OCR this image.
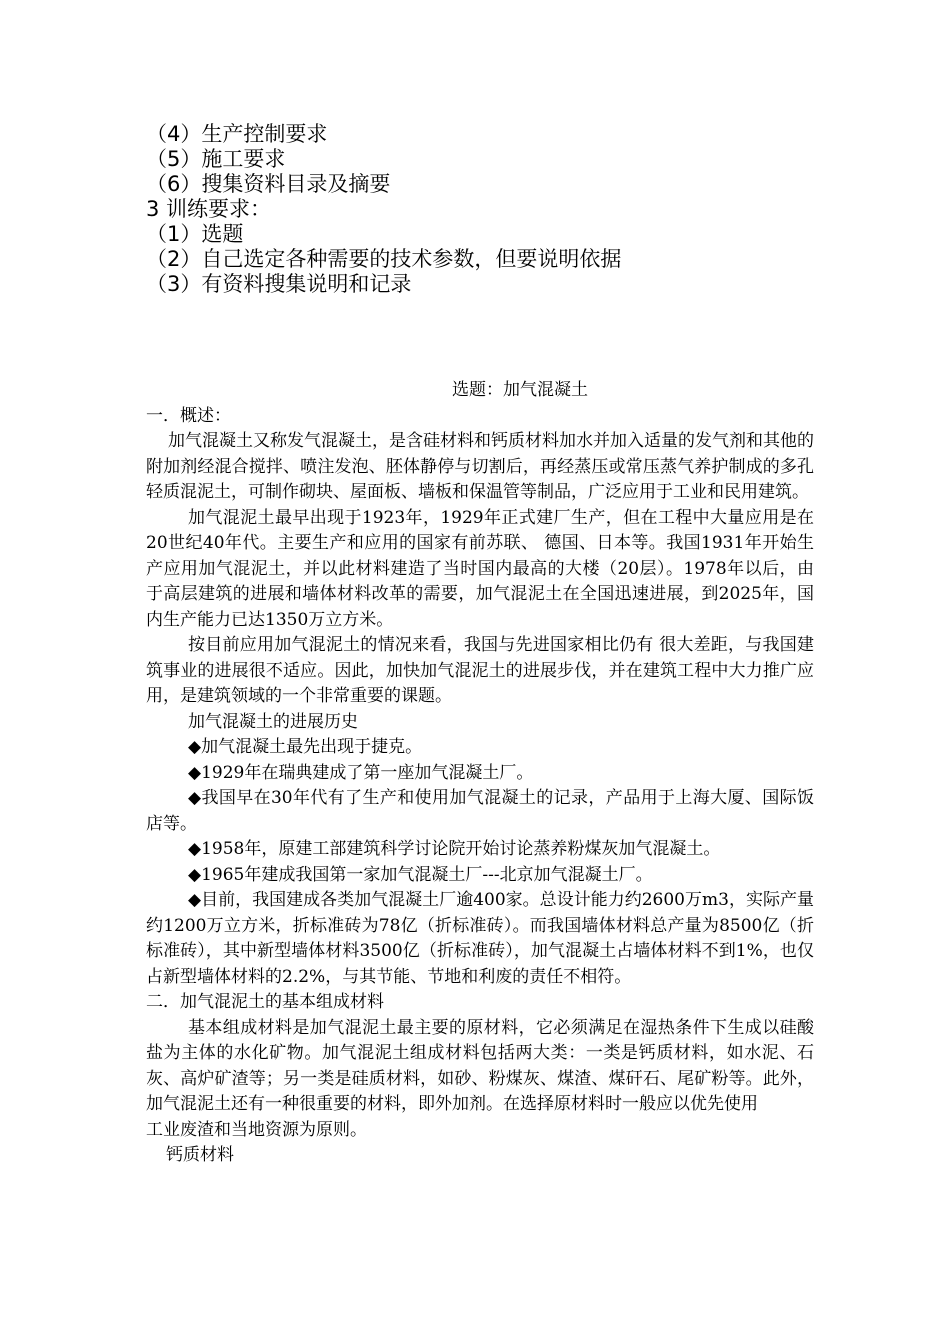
（4）生产控制要求
（5）施工要求
（6）搜集资料目录及摘要
3 训练要求：
（1）选题
（2）自己选定各种需要的技术参数，但要说明依据
（3）有资料搜集说明和记录

选题：加气混凝土

一．概述：

加气混凝土又称发气混凝土，是含硅材料和钙质材料加水并加入适量的发气剂和其他的附加剂经混合搅拌、喷注发泡、胚体静停与切割后，再经蒸压或常压蒸气养护制成的多孔轻质混泥土，可制作砌块、屋面板、墙板和保温管等制品，广泛应用于工业和民用建筑。

加气混泥土最早出现于1923年，1929年正式建厂生产，但在工程中大量应用是在20世纪40年代。主要生产和应用的国家有前苏联、 德国、日本等。我国1931年开始生产应用加气混泥土，并以此材料建造了当时国内最高的大楼（20层）。1978年以后，由于高层建筑的进展和墙体材料改革的需要，加气混泥土在全国迅速进展，到2025年，国内生产能力已达1350万立方米。

按目前应用加气混泥土的情况来看，我国与先进国家相比仍有 很大差距，与我国建筑事业的进展很不适应。因此，加快加气混泥土的进展步伐，并在建筑工程中大力推广应用，是建筑领域的一个非常重要的课题。

加气混凝土的进展历史

◆加气混凝土最先出现于捷克。

◆1929年在瑞典建成了第一座加气混凝土厂。

◆我国早在30年代有了生产和使用加气混凝土的记录，产品用于上海大厦、国际饭店等。

◆1958年，原建工部建筑科学讨论院开始讨论蒸养粉煤灰加气混凝土。

◆1965年建成我国第一家加气混凝土厂---北京加气混凝土厂。

◆目前，我国建成各类加气混凝土厂逾400家。总设计能力约2600万m3，实际产量约1200万立方米，折标准砖为78亿（折标准砖）。而我国墙体材料总产量为8500亿（折标准砖），其中新型墙体材料3500亿（折标准砖），加气混凝土占墙体材料不到1%，也仅占新型墙体材料的2.2%，与其节能、节地和利废的责任不相符。

二．加气混泥土的基本组成材料

基本组成材料是加气混泥土最主要的原材料，它必须满足在湿热条件下生成以硅酸盐为主体的水化矿物。加气混泥土组成材料包括两大类：一类是钙质材料，如水泥、石灰、高炉矿渣等；另一类是硅质材料，如砂、粉煤灰、煤渣、煤矸石、尾矿粉等。此外，加气混泥土还有一种很重要的材料，即外加剂。在选择原材料时一般应以优先使用

工业废渣和当地资源为原则。

钙质材料
